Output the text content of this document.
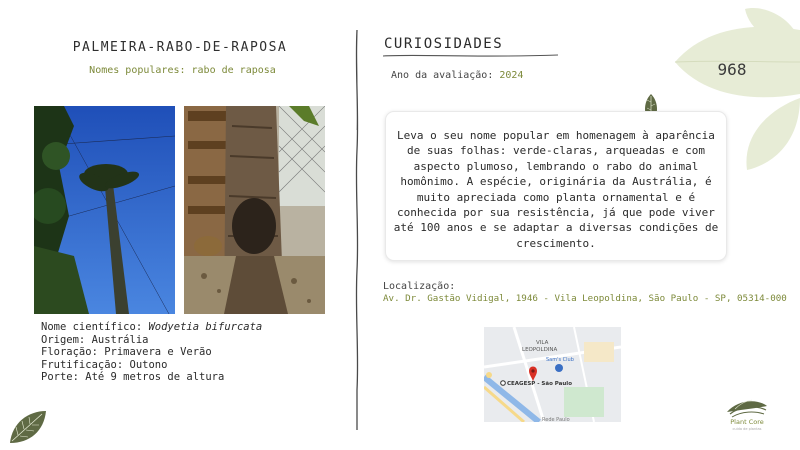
PALMEIRA-RABO-DE-RAPOSA
Nomes populares: rabo de raposa
Nome científico: Wodyetia bifurcata
Origem: Austrália
Floração: Primavera e Verão
Frutificação: Outono
Porte: Até 9 metros de altura
CURIOSIDADES
Ano da avaliação: 2024	968
Leva o seu nome popular em homenagem à aparência de suas folhas: verde-claras, arqueadas e com aspecto plumoso, lembrando o rabo do animal homônimo. A espécie, originária da Austrália, é muito apreciada como planta ornamental e é conhecida por sua resistência, já que pode viver até 100 anos e se adaptar a diversas condições de crescimento.
Localização:
Av. Dr. Gastão Vidigal, 1946 - Vila Leopoldina, São Paulo - SP, 05314-000
VILA
LEOPOLDINA
Sam's Club
CEAGESP - São Paulo
Rede Paulo	Plant Core
cuida de plantas
